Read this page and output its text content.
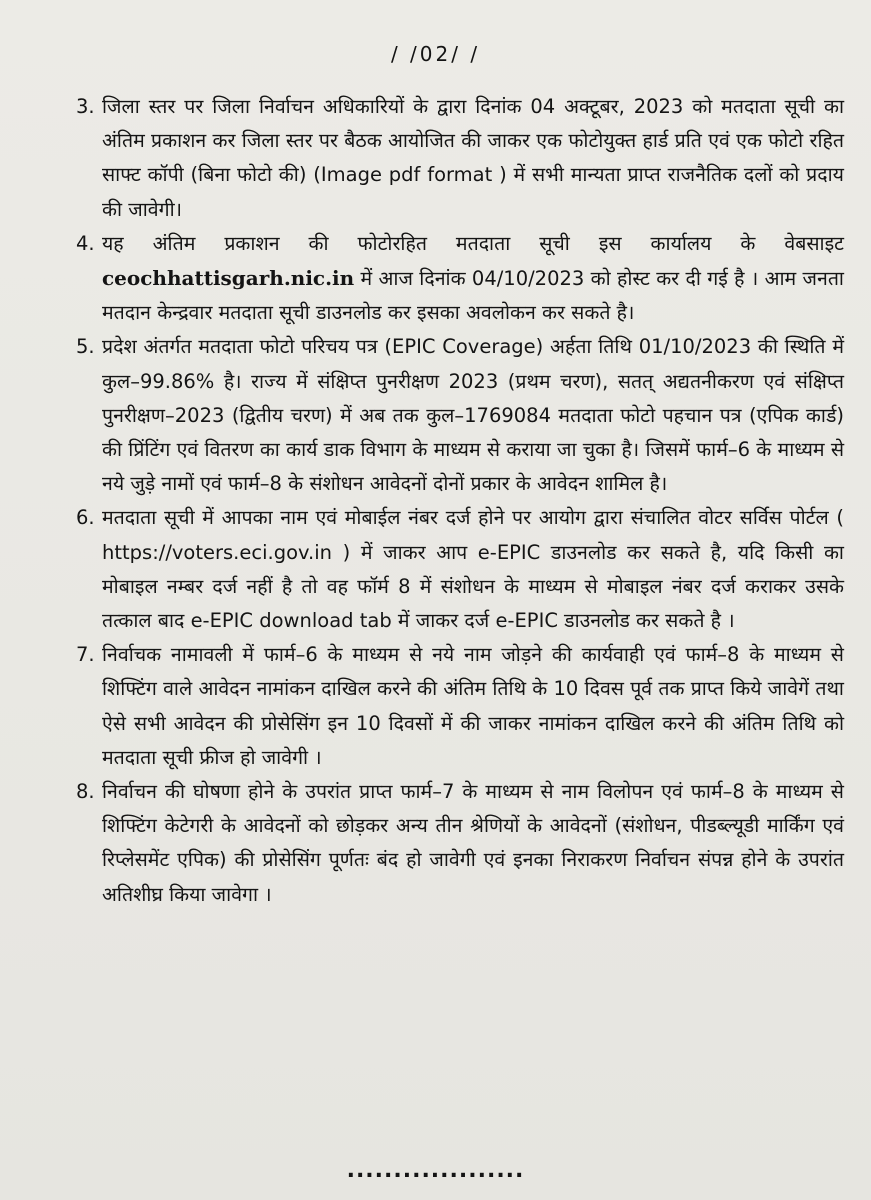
/ /02/ /
3. जिला स्तर पर जिला निर्वाचन अधिकारियों के द्वारा दिनांक 04 अक्टूबर, 2023 को मतदाता सूची का अंतिम प्रकाशन कर जिला स्तर पर बैठक आयोजित की जाकर एक फोटोयुक्त हार्ड प्रति एवं एक फोटो रहित साफ्ट कॉपी (बिना फोटो की) (Image pdf format ) में सभी मान्यता प्राप्त राजनैतिक दलों को प्रदाय की जावेगी।

4. यह अंतिम प्रकाशन की फोटोरहित मतदाता सूची इस कार्यालय के वेबसाइट ceochhattisgarh.nic.in में आज दिनांक 04/10/2023 को होस्ट कर दी गई है । आम जनता मतदान केन्द्रवार मतदाता सूची डाउनलोड कर इसका अवलोकन कर सकते है।

5. प्रदेश अंतर्गत मतदाता फोटो परिचय पत्र (EPIC Coverage) अर्हता तिथि 01/10/2023 की स्थिति में कुल–99.86% है। राज्य में संक्षिप्त पुनरीक्षण 2023 (प्रथम चरण), सतत् अद्यतनीकरण एवं संक्षिप्त पुनरीक्षण–2023 (द्वितीय चरण) में अब तक कुल–1769084 मतदाता फोटो पहचान पत्र (एपिक कार्ड) की प्रिंटिंग एवं वितरण का कार्य डाक विभाग के माध्यम से कराया जा चुका है। जिसमें फार्म–6 के माध्यम से नये जुड़े नामों एवं फार्म–8 के संशोधन आवेदनों दोनों प्रकार के आवेदन शामिल है।

6. मतदाता सूची में आपका नाम एवं मोबाईल नंबर दर्ज होने पर आयोग द्वारा संचालित वोटर सर्विस पोर्टल ( https://voters.eci.gov.in ) में जाकर आप e-EPIC डाउनलोड कर सकते है, यदि किसी का मोबाइल नम्बर दर्ज नहीं है तो वह फॉर्म 8 में संशोधन के माध्यम से मोबाइल नंबर दर्ज कराकर उसके तत्काल बाद e-EPIC download tab में जाकर दर्ज e-EPIC डाउनलोड कर सकते है ।

7. निर्वाचक नामावली में फार्म–6 के माध्यम से नये नाम जोड़ने की कार्यवाही एवं फार्म–8 के माध्यम से शिफ्टिंग वाले आवेदन नामांकन दाखिल करने की अंतिम तिथि के 10 दिवस पूर्व तक प्राप्त किये जावेगें तथा ऐसे सभी आवेदन की प्रोसेसिंग इन 10 दिवसों में की जाकर नामांकन दाखिल करने की अंतिम तिथि को मतदाता सूची फ्रीज हो जावेगी ।

8. निर्वाचन की घोषणा होने के उपरांत प्राप्त फार्म–7 के माध्यम से नाम विलोपन एवं फार्म–8 के माध्यम से शिफ्टिंग केटेगरी के आवेदनों को छोड़कर अन्य तीन श्रेणियों के आवेदनों (संशोधन, पीडब्ल्यूडी मार्किंग एवं रिप्लेसमेंट एपिक) की प्रोसेसिंग पूर्णतः बंद हो जावेगी एवं इनका निराकरण निर्वाचन संपन्न होने के उपरांत अतिशीघ्र किया जावेगा ।

...................
